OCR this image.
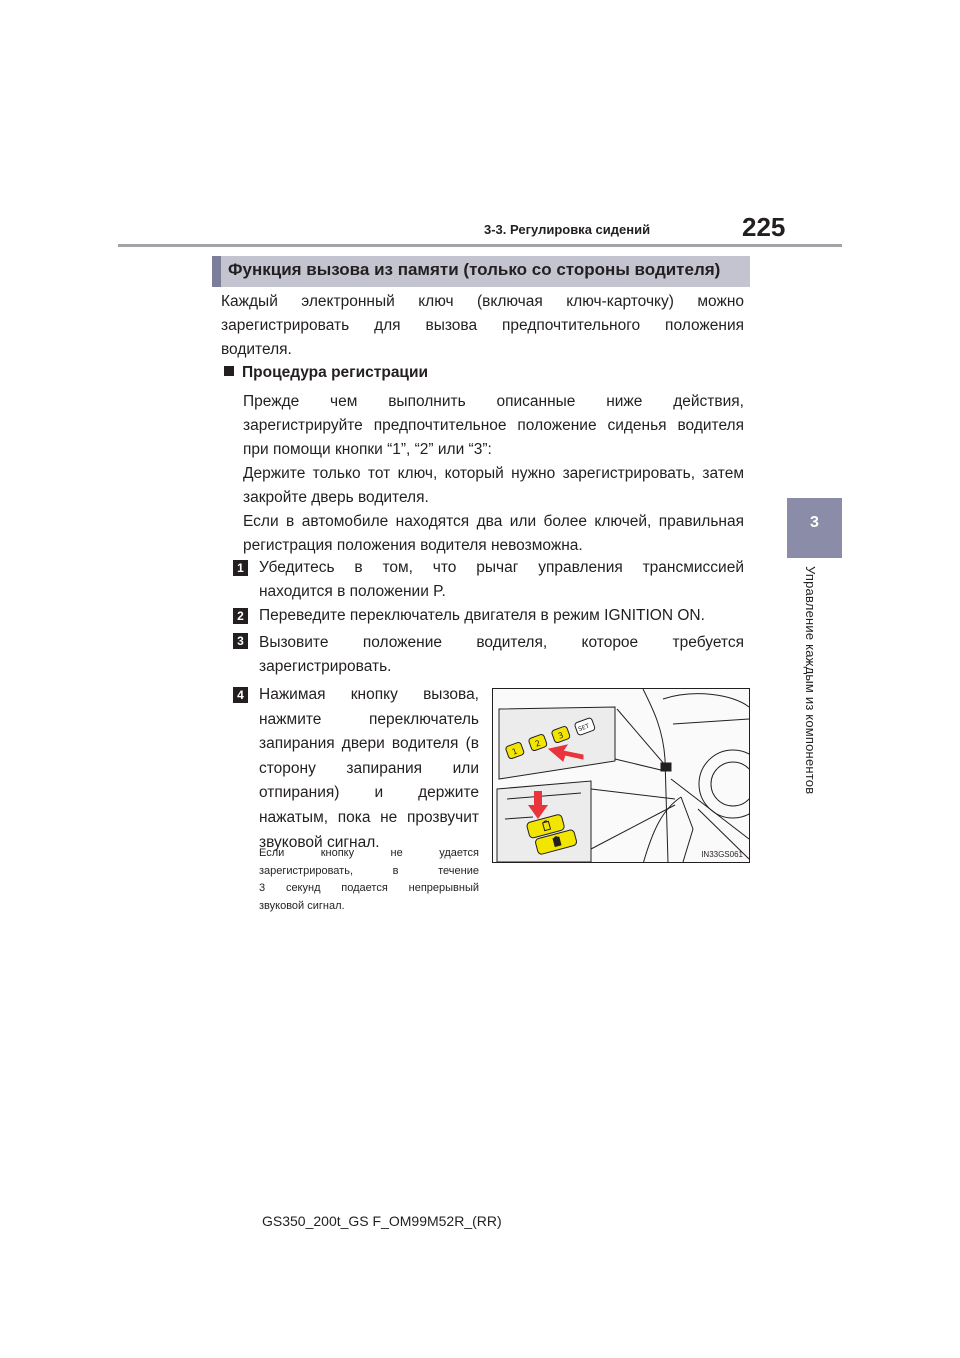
3-3. Регулировка сидений	225
3
Управление каждым из компонентов
Функция вызова из памяти (только со стороны водителя)
Каждый электронный ключ (включая ключ-карточку) можно
зарегистрировать для вызова предпочтительного положения
водителя.
Процедура регистрации
Прежде чем выполнить описанные ниже действия,
зарегистрируйте предпочтительное положение сиденья водителя
при помощи кнопки “1”, “2” или “3”:
Держите только тот ключ, который нужно зарегистрировать, затем
закройте дверь водителя.
Если в автомобиле находятся два или более ключей, правильная
регистрация положения водителя невозможна.
1 Убедитесь в том, что рычаг управления трансмиссией
находится в положении P.
2 Переведите переключатель двигателя в режим IGNITION ON.
3 Вызовите положение водителя, которое требуется
зарегистрировать.
4 Нажимая кнопку вызова,
нажмите переключатель
запирания двери водителя (в
сторону запирания или
отпирания) и держите
нажатым, пока не прозвучит
звуковой сигнал.
Если кнопку не удается
зарегистрировать, в течение
3 секунд подается непрерывный
звуковой сигнал.
1
2
3
SET
IN33GS061
GS350_200t_GS F_OM99M52R_(RR)
